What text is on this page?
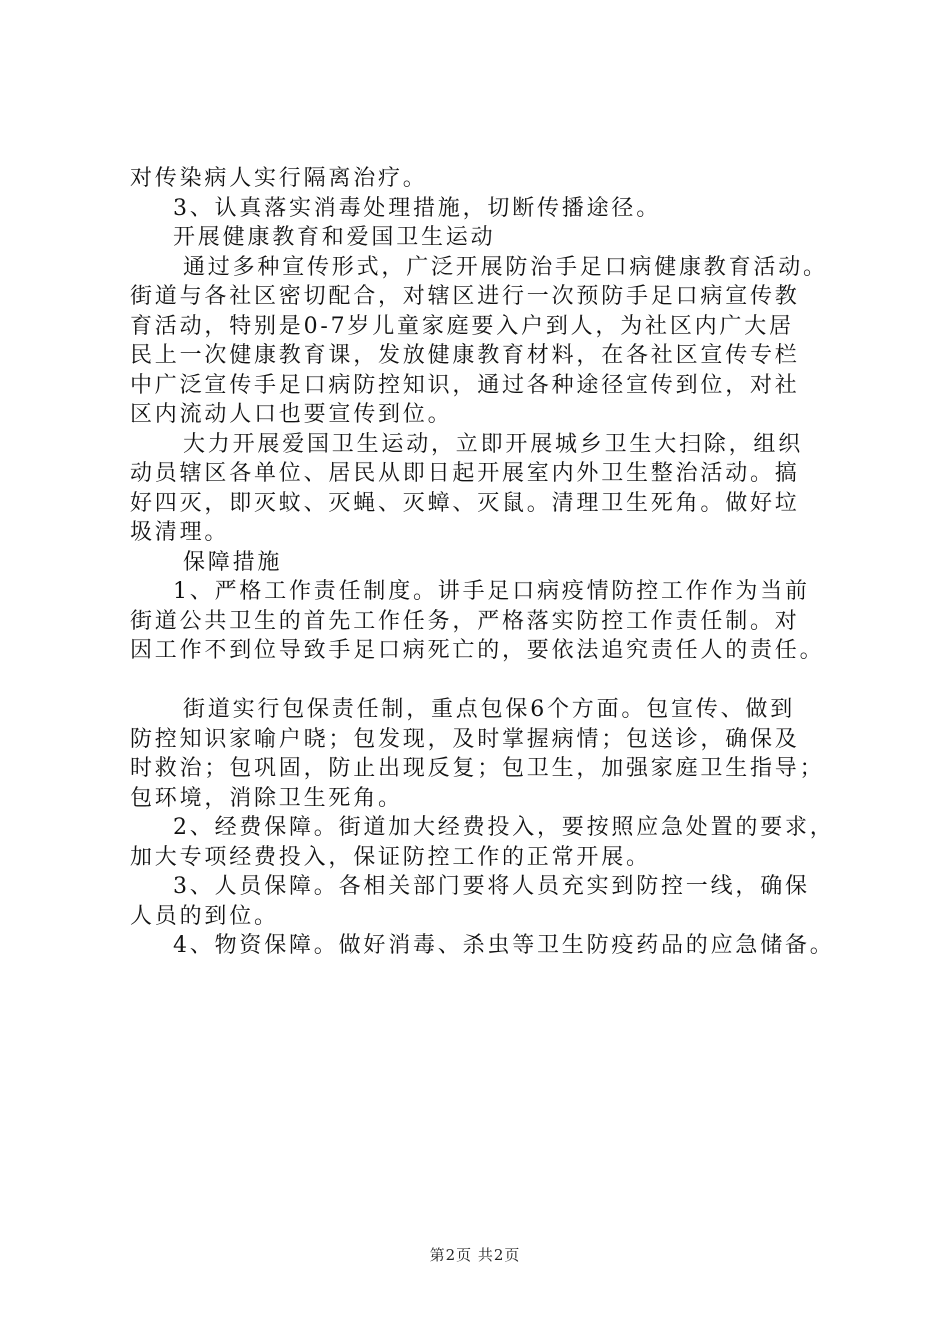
对传染病人实行隔离治疗。
3、认真落实消毒处理措施，切断传播途径。
开展健康教育和爱国卫生运动
通过多种宣传形式，广泛开展防治手足口病健康教育活动。
街道与各社区密切配合，对辖区进行一次预防手足口病宣传教
育活动，特别是0-7岁儿童家庭要入户到人，为社区内广大居
民上一次健康教育课，发放健康教育材料，在各社区宣传专栏
中广泛宣传手足口病防控知识，通过各种途径宣传到位，对社
区内流动人口也要宣传到位。
大力开展爱国卫生运动，立即开展城乡卫生大扫除，组织
动员辖区各单位、居民从即日起开展室内外卫生整治活动。搞
好四灭，即灭蚊、灭蝇、灭蟑、灭鼠。清理卫生死角。做好垃
圾清理。
保障措施
1、严格工作责任制度。讲手足口病疫情防控工作作为当前
街道公共卫生的首先工作任务，严格落实防控工作责任制。对
因工作不到位导致手足口病死亡的，要依法追究责任人的责任。
街道实行包保责任制，重点包保6个方面。包宣传、做到
防控知识家喻户晓；包发现，及时掌握病情；包送诊，确保及
时救治；包巩固，防止出现反复；包卫生，加强家庭卫生指导；
包环境，消除卫生死角。
2、经费保障。街道加大经费投入，要按照应急处置的要求，
加大专项经费投入，保证防控工作的正常开展。
3、人员保障。各相关部门要将人员充实到防控一线，确保
人员的到位。
4、物资保障。做好消毒、杀虫等卫生防疫药品的应急储备。
第2页 共2页
